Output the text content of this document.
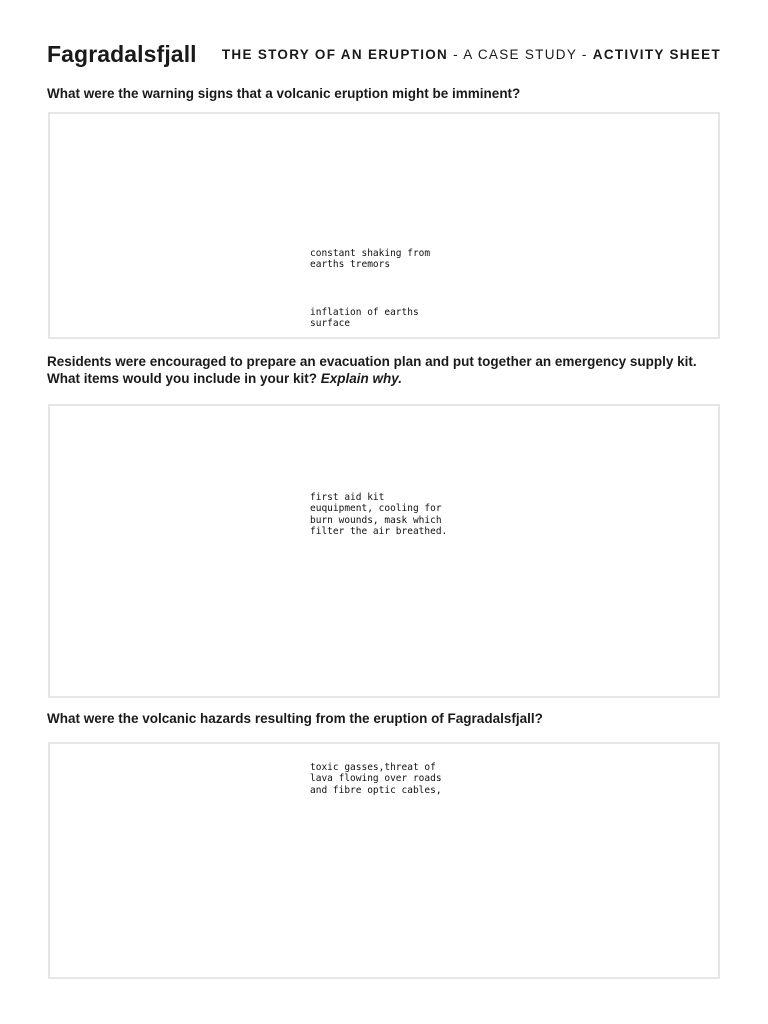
Fagradalsfjall THE STORY OF AN ERUPTION - A CASE STUDY - ACTIVITY SHEET
What were the warning signs that a volcanic eruption might be imminent?

constant shaking from
earths tremors

inflation of earths
surface

Residents were encouraged to prepare an evacuation plan and put together an emergency supply kit. What items would you include in your kit? Explain why.

first aid kit
euquipment, cooling for
burn wounds, mask which
filter the air breathed.

What were the volcanic hazards resulting from the eruption of Fagradalsfjall?

toxic gasses,threat of
lava flowing over roads
and fibre optic cables,
